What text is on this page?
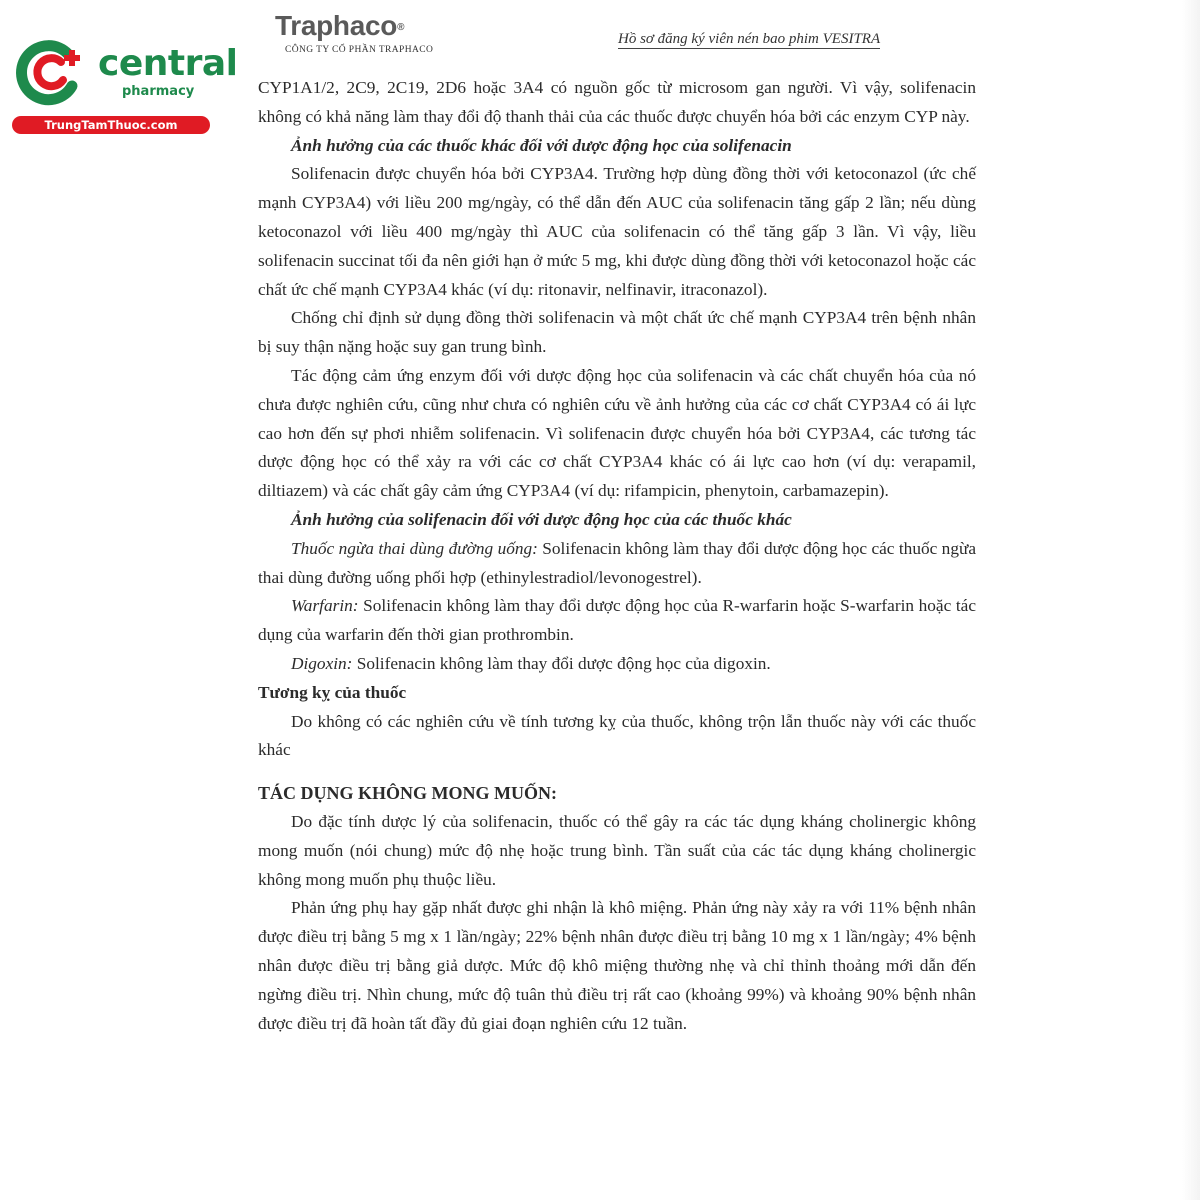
central
pharmacy
TrungTamThuoc.com
Traphaco®
CÔNG TY CỔ PHẦN TRAPHACO
Hồ sơ đăng ký viên nén bao phim VESITRA

CYP1A1/2, 2C9, 2C19, 2D6 hoặc 3A4 có nguồn gốc từ microsom gan người. Vì vậy, solifenacin không có khả năng làm thay đổi độ thanh thải của các thuốc được chuyển hóa bởi các enzym CYP này.

Ảnh hưởng của các thuốc khác đối với dược động học của solifenacin

Solifenacin được chuyển hóa bởi CYP3A4. Trường hợp dùng đồng thời với ketoconazol (ức chế mạnh CYP3A4) với liều 200 mg/ngày, có thể dẫn đến AUC của solifenacin tăng gấp 2 lần; nếu dùng ketoconazol với liều 400 mg/ngày thì AUC của solifenacin có thể tăng gấp 3 lần. Vì vậy, liều solifenacin succinat tối đa nên giới hạn ở mức 5 mg, khi được dùng đồng thời với ketoconazol hoặc các chất ức chế mạnh CYP3A4 khác (ví dụ: ritonavir, nelfinavir, itraconazol).

Chống chỉ định sử dụng đồng thời solifenacin và một chất ức chế mạnh CYP3A4 trên bệnh nhân bị suy thận nặng hoặc suy gan trung bình.

Tác động cảm ứng enzym đối với dược động học của solifenacin và các chất chuyển hóa của nó chưa được nghiên cứu, cũng như chưa có nghiên cứu về ảnh hưởng của các cơ chất CYP3A4 có ái lực cao hơn đến sự phơi nhiễm solifenacin. Vì solifenacin được chuyển hóa bởi CYP3A4, các tương tác dược động học có thể xảy ra với các cơ chất CYP3A4 khác có ái lực cao hơn (ví dụ: verapamil, diltiazem) và các chất gây cảm ứng CYP3A4 (ví dụ: rifampicin, phenytoin, carbamazepin).

Ảnh hưởng của solifenacin đối với dược động học của các thuốc khác

Thuốc ngừa thai dùng đường uống: Solifenacin không làm thay đổi dược động học các thuốc ngừa thai dùng đường uống phối hợp (ethinylestradiol/levonogestrel).

Warfarin: Solifenacin không làm thay đổi dược động học của R-warfarin hoặc S-warfarin hoặc tác dụng của warfarin đến thời gian prothrombin.

Digoxin: Solifenacin không làm thay đổi dược động học của digoxin.

Tương kỵ của thuốc

Do không có các nghiên cứu về tính tương kỵ của thuốc, không trộn lẫn thuốc này với các thuốc khác

TÁC DỤNG KHÔNG MONG MUỐN:

Do đặc tính dược lý của solifenacin, thuốc có thể gây ra các tác dụng kháng cholinergic không mong muốn (nói chung) mức độ nhẹ hoặc trung bình. Tần suất của các tác dụng kháng cholinergic không mong muốn phụ thuộc liều.

Phản ứng phụ hay gặp nhất được ghi nhận là khô miệng. Phản ứng này xảy ra với 11% bệnh nhân được điều trị bằng 5 mg x 1 lần/ngày; 22% bệnh nhân được điều trị bằng 10 mg x 1 lần/ngày; 4% bệnh nhân được điều trị bằng giả dược. Mức độ khô miệng thường nhẹ và chỉ thỉnh thoảng mới dẫn đến ngừng điều trị. Nhìn chung, mức độ tuân thủ điều trị rất cao (khoảng 99%) và khoảng 90% bệnh nhân được điều trị đã hoàn tất đầy đủ giai đoạn nghiên cứu 12 tuần.
